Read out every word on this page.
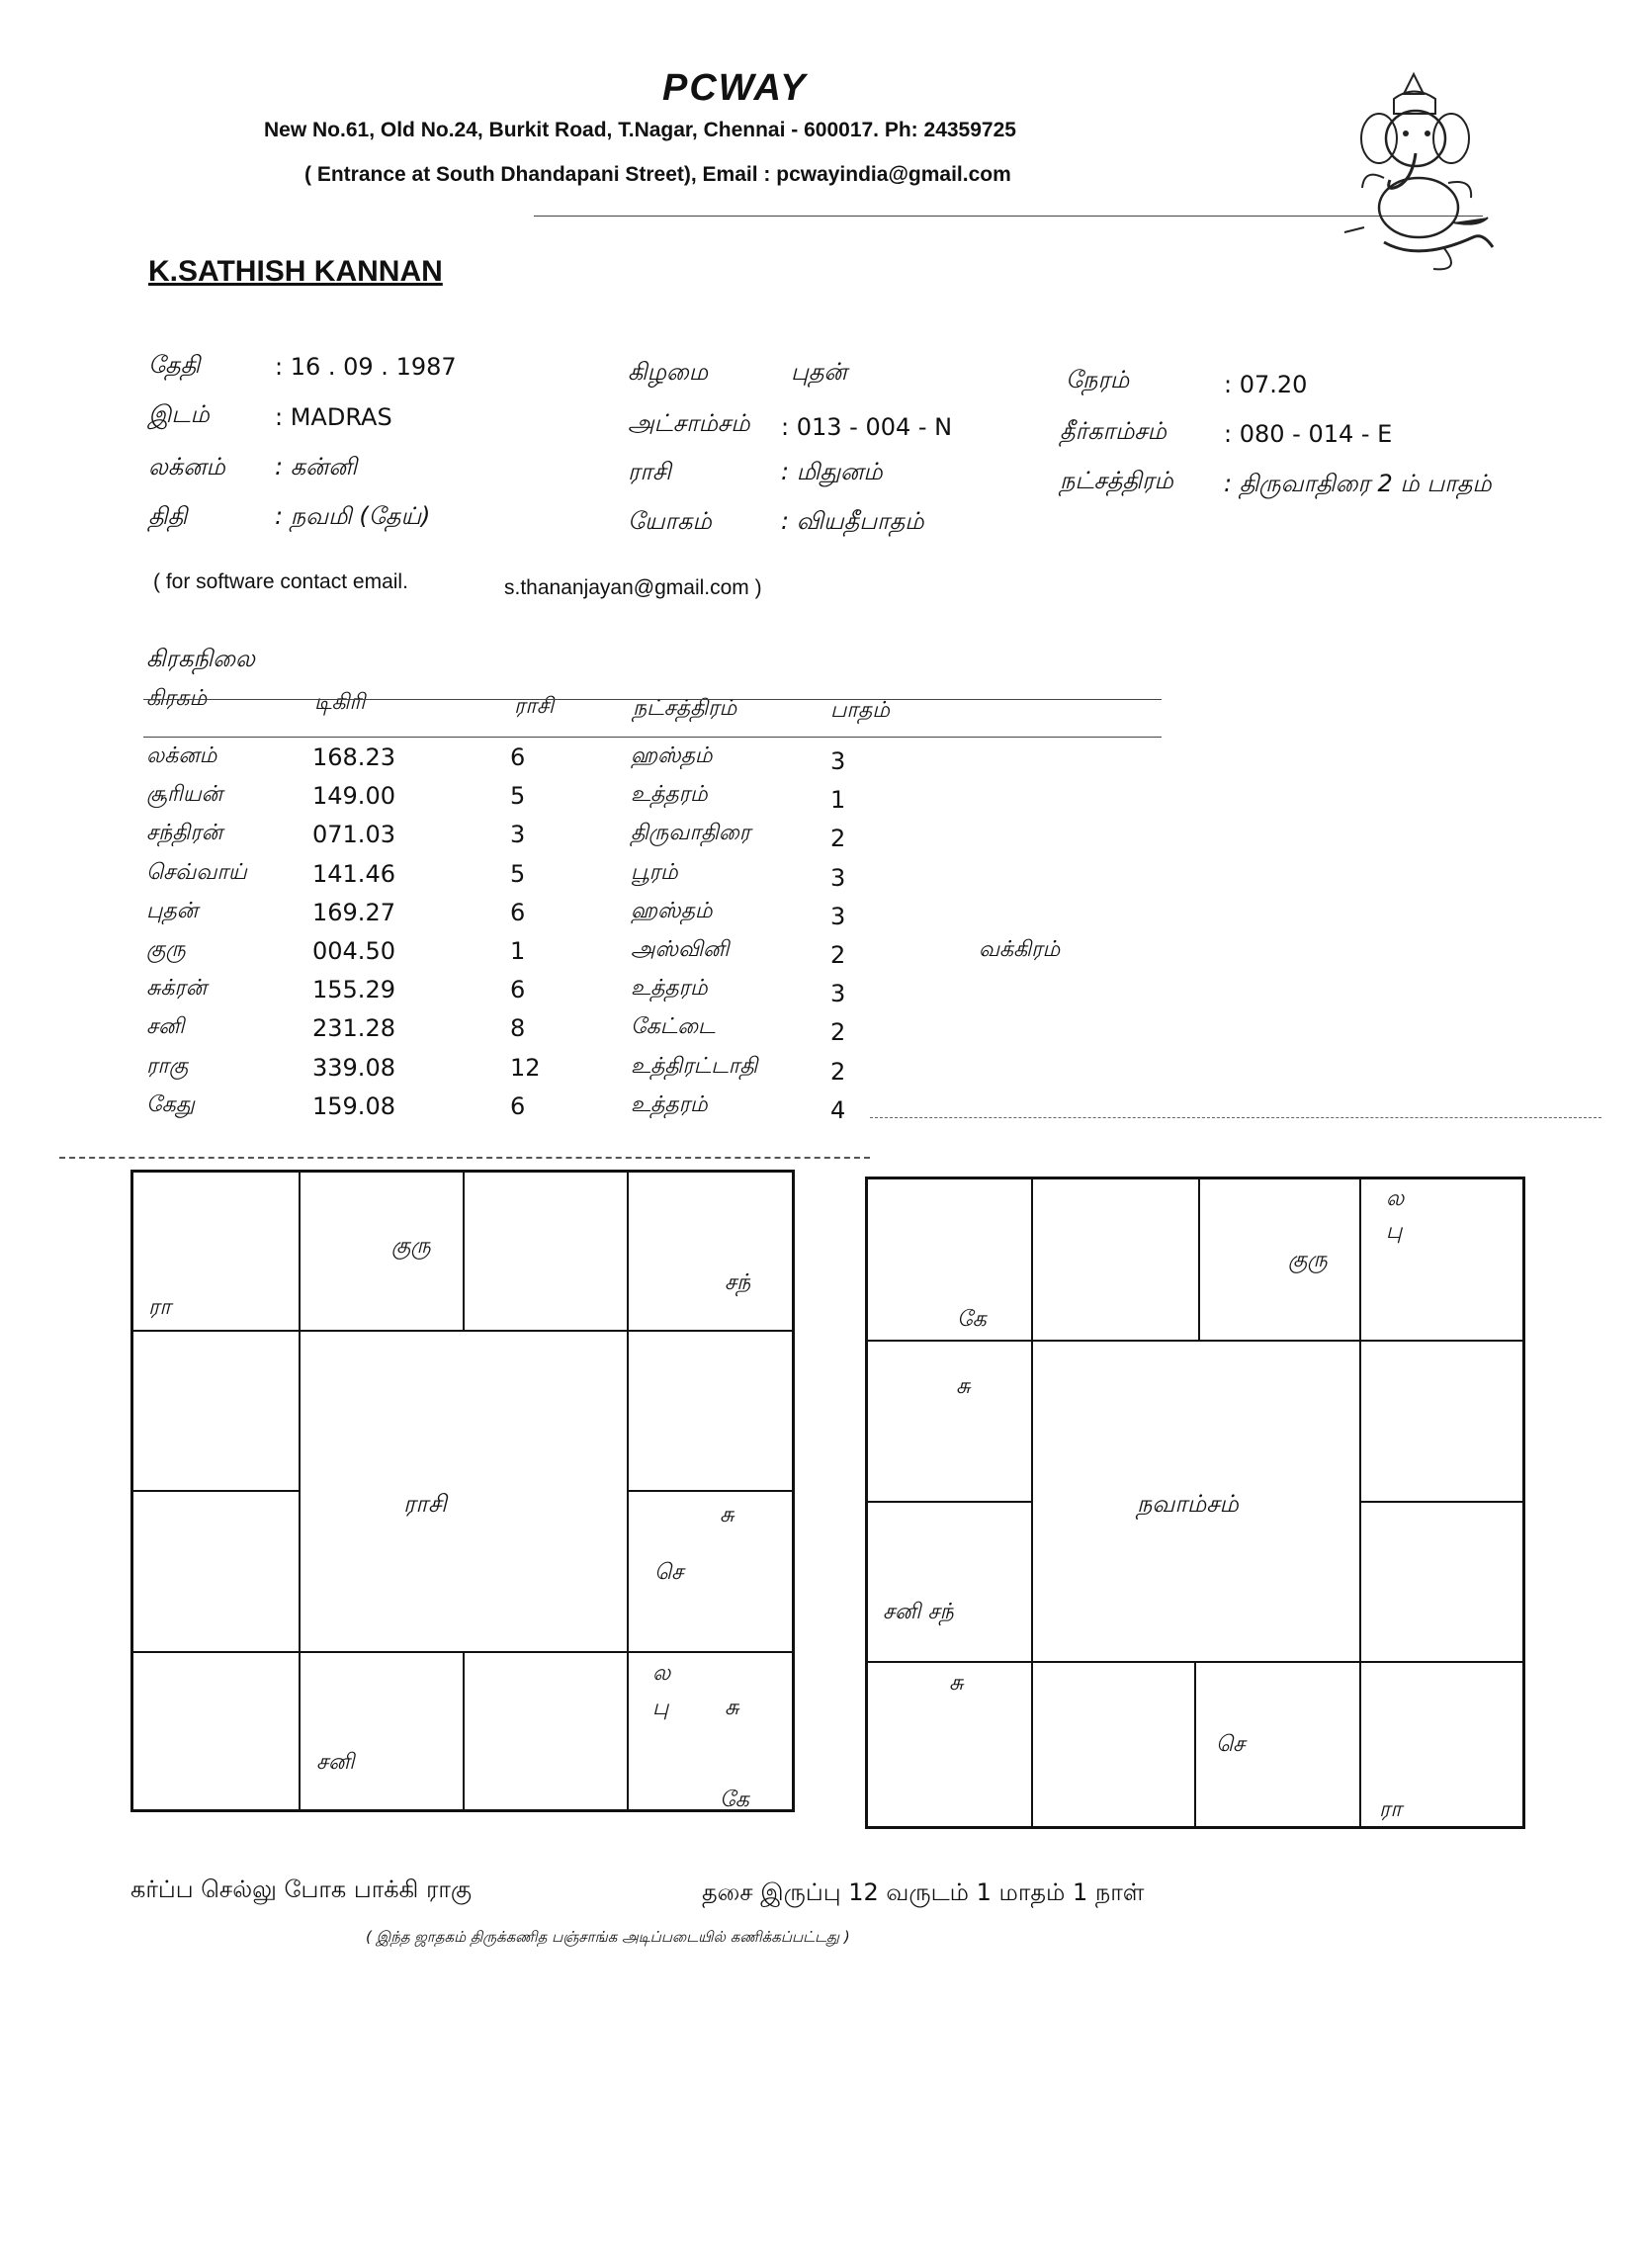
PCWAY
New No.61, Old No.24, Burkit Road, T.Nagar, Chennai - 600017. Ph: 24359725
( Entrance at South Dhandapani Street), Email : pcwayindia@gmail.com
K.SATHISH KANNAN
தேதி	: 16 . 09 . 1987
இடம்	: MADRAS
லக்னம் : கன்னி
திதி	: நவமி (தேய்)
கிழமை	புதன்
அட்சாம்சம் : 013 - 004 - N
ராசி	: மிதுனம்
யோகம்	: வியதீபாதம்
நேரம்	: 07.20
தீர்காம்சம் : 080 - 014 - E
நட்சத்திரம் : திருவாதிரை 2 ம் பாதம்
( for software contact email.	s.thananjayan@gmail.com )
கிரகநிலை
கிரகம்	டிகிரி	ராசி	நட்சத்திரம்	பாதம்
லக்னம்	168.23	6	ஹஸ்தம்	3
சூரியன்	149.00	5	உத்தரம்	1
சந்திரன்	071.03	3	திருவாதிரை	2
செவ்வாய்	141.46	5	பூரம்	3
புதன்	169.27	6	ஹஸ்தம்	3
குரு	004.50	1	அஸ்வினி	2	வக்கிரம்
சுக்ரன்	155.29	6	உத்தரம்	3
சனி	231.28	8	கேட்டை	2
ராகு	339.08	12	உத்திரட்டாதி	2
கேது	159.08	6	உத்தரம்	4
ராசி
ரா
குரு
சந்
சு
செ
ல
பு	சு
கே
சனி
நவாம்சம்
கே
குரு
ல
பு
சு
சனி சந்
சு
செ
ரா
கர்ப்ப செல்லு போக பாக்கி ராகு	தசை இருப்பு 12 வருடம் 1 மாதம் 1 நாள்
( இந்த ஜாதகம் திருக்கணித பஞ்சாங்க அடிப்படையில் கணிக்கப்பட்டது )
